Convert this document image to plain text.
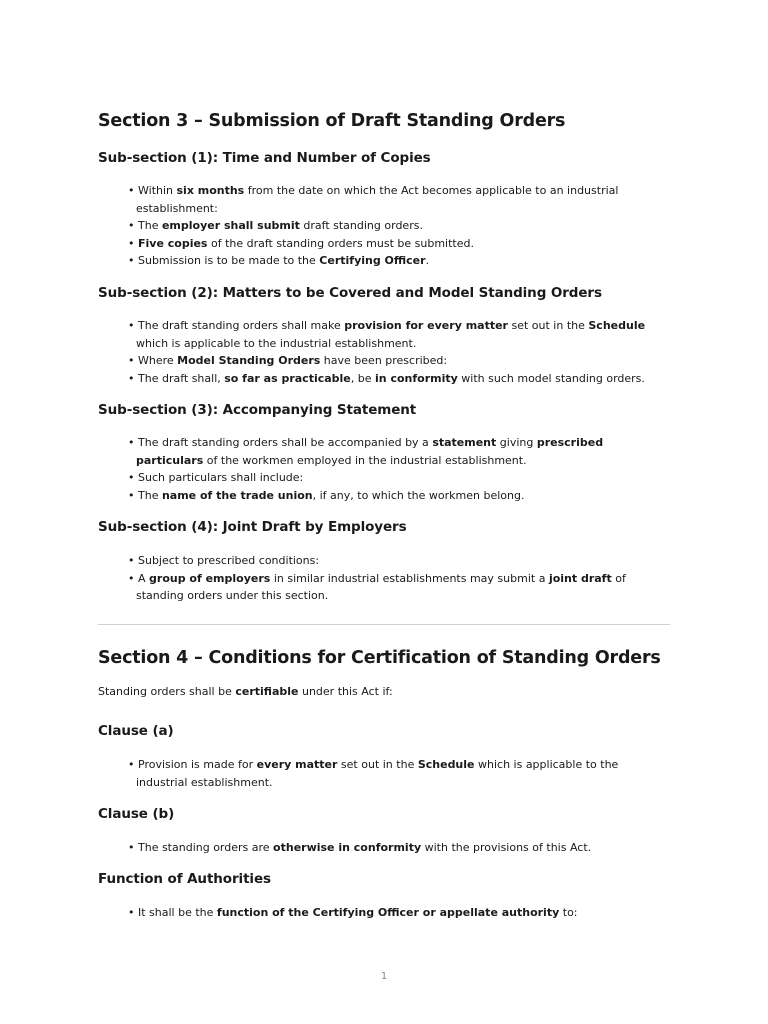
Section 3 – Submission of Draft Standing Orders
Sub-section (1): Time and Number of Copies
• Within six months from the date on which the Act becomes applicable to an industrial establishment:
• The employer shall submit draft standing orders.
• Five copies of the draft standing orders must be submitted.
• Submission is to be made to the Certifying Officer.
Sub-section (2): Matters to be Covered and Model Standing Orders
• The draft standing orders shall make provision for every matter set out in the Schedule which is applicable to the industrial establishment.
• Where Model Standing Orders have been prescribed:
• The draft shall, so far as practicable, be in conformity with such model standing orders.
Sub-section (3): Accompanying Statement
• The draft standing orders shall be accompanied by a statement giving prescribed particulars of the workmen employed in the industrial establishment.
• Such particulars shall include:
• The name of the trade union, if any, to which the workmen belong.
Sub-section (4): Joint Draft by Employers
• Subject to prescribed conditions:
• A group of employers in similar industrial establishments may submit a joint draft of standing orders under this section.
Section 4 – Conditions for Certification of Standing Orders

Standing orders shall be certifiable under this Act if:

Clause (a)
• Provision is made for every matter set out in the Schedule which is applicable to the industrial establishment.
Clause (b)
• The standing orders are otherwise in conformity with the provisions of this Act.
Function of Authorities
• It shall be the function of the Certifying Officer or appellate authority to:
1
